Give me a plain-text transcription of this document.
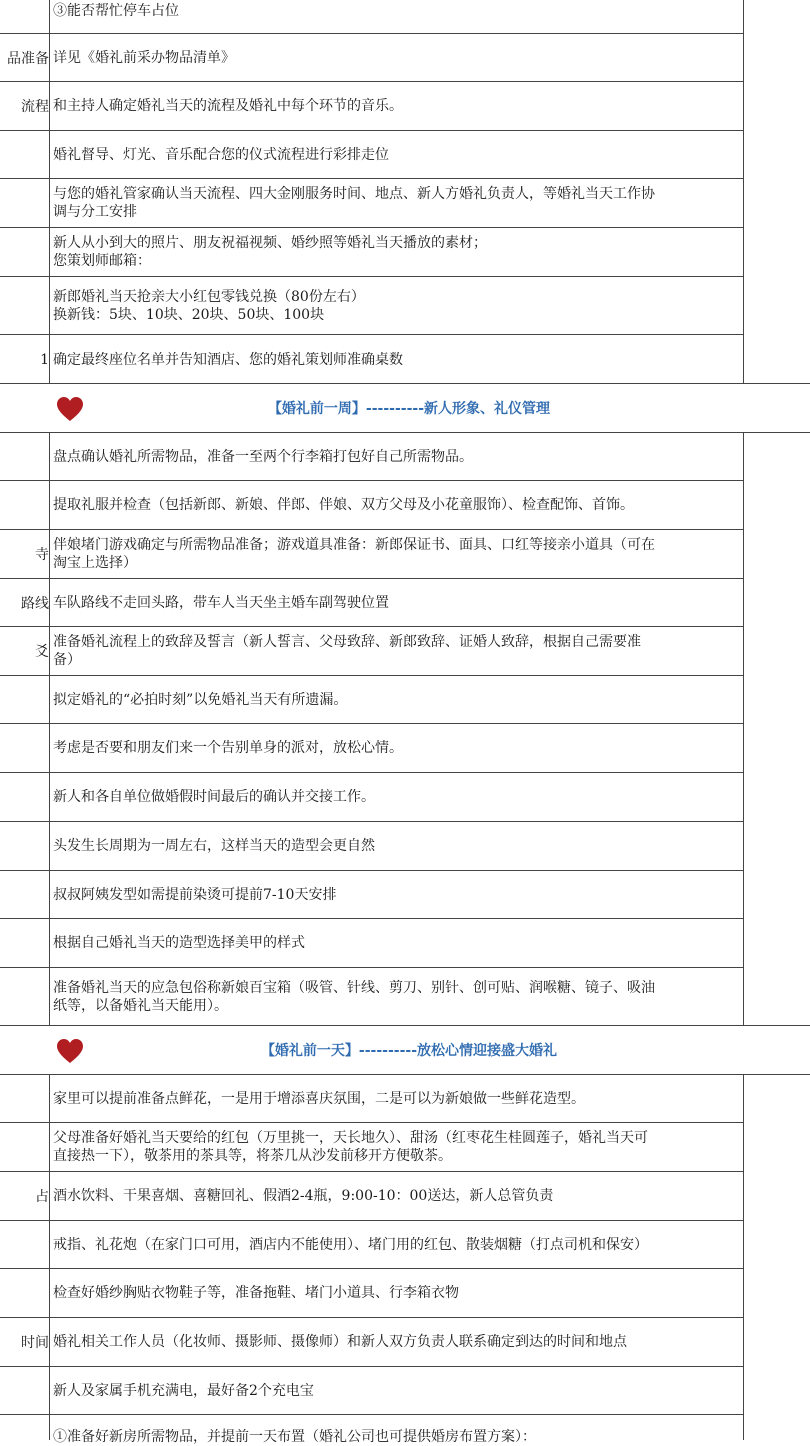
③能否帮忙停车占位
品准备 详见《婚礼前采办物品清单》
流程 和主持人确定婚礼当天的流程及婚礼中每个环节的音乐。
婚礼督导、灯光、音乐配合您的仪式流程进行彩排走位
与您的婚礼管家确认当天流程、四大金刚服务时间、地点、新人方婚礼负责人，等婚礼当天工作协
调与分工安排
新人从小到大的照片、朋友祝福视频、婚纱照等婚礼当天播放的素材；
您策划师邮箱：
新郎婚礼当天抢亲大小红包零钱兑换（80份左右）
换新钱：5块、10块、20块、50块、100块
1 确定最终座位名单并告知酒店、您的婚礼策划师准确桌数
【婚礼前一周】----------新人形象、礼仪管理
盘点确认婚礼所需物品，准备一至两个行李箱打包好自己所需物品。
提取礼服并检查（包括新郎、新娘、伴郎、伴娘、双方父母及小花童服饰）、检查配饰、首饰。
寺
伴娘堵门游戏确定与所需物品准备；游戏道具准备：新郎保证书、面具、口红等接亲小道具（可在
淘宝上选择）
路线 车队路线不走回头路，带车人当天坐主婚车副驾驶位置
爻
准备婚礼流程上的致辞及誓言（新人誓言、父母致辞、新郎致辞、证婚人致辞，根据自己需要准
备）
拟定婚礼的“必拍时刻”以免婚礼当天有所遗漏。
考虑是否要和朋友们来一个告别单身的派对，放松心情。
新人和各自单位做婚假时间最后的确认并交接工作。
头发生长周期为一周左右，这样当天的造型会更自然
叔叔阿姨发型如需提前染烫可提前7-10天安排
根据自己婚礼当天的造型选择美甲的样式
准备婚礼当天的应急包俗称新娘百宝箱（吸管、针线、剪刀、别针、创可贴、润喉糖、镜子、吸油
纸等，以备婚礼当天能用）。
【婚礼前一天】----------放松心情迎接盛大婚礼
家里可以提前准备点鲜花，一是用于增添喜庆氛围，二是可以为新娘做一些鲜花造型。
父母准备好婚礼当天要给的红包（万里挑一，天长地久）、甜汤（红枣花生桂圆莲子，婚礼当天可
直接热一下），敬茶用的茶具等，将茶几从沙发前移开方便敬茶。
占 酒水饮料、干果喜烟、喜糖回礼、假酒2-4瓶，9:00-10：00送达，新人总管负责
戒指、礼花炮（在家门口可用，酒店内不能使用）、堵门用的红包、散装烟糖（打点司机和保安）
检查好婚纱胸贴衣物鞋子等，准备拖鞋、堵门小道具、行李箱衣物
时间 婚礼相关工作人员（化妆师、摄影师、摄像师）和新人双方负责人联系确定到达的时间和地点
新人及家属手机充满电，最好备2个充电宝
①准备好新房所需物品，并提前一天布置（婚礼公司也可提供婚房布置方案）：
